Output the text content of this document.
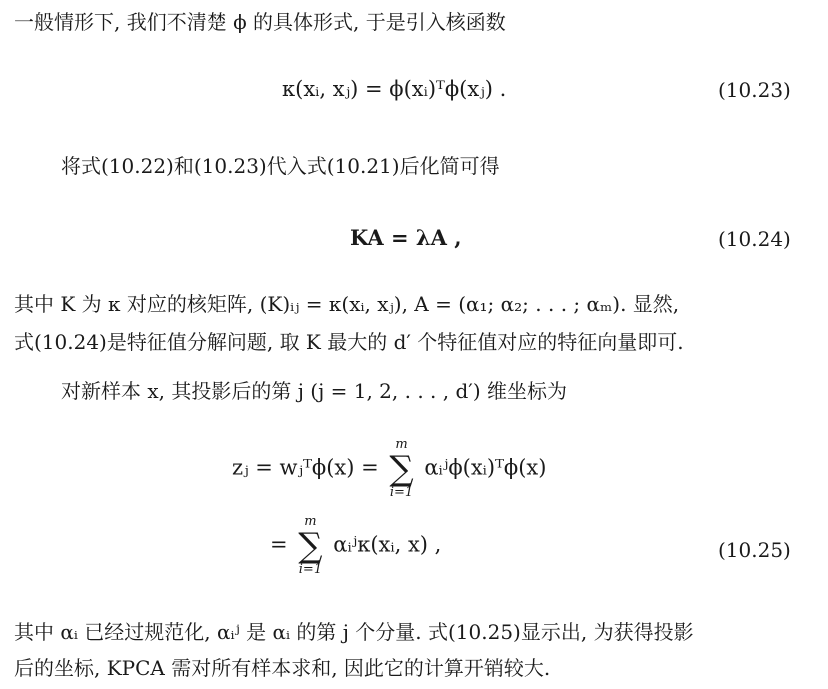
一般情形下, 我们不清楚 ϕ 的具体形式, 于是引入核函数
κ(xᵢ, xⱼ) = ϕ(xᵢ)ᵀϕ(xⱼ) .	(10.23)
将式(10.22)和(10.23)代入式(10.21)后化简可得
KA = λA ,	(10.24)
其中 K 为 κ 对应的核矩阵, (K)ᵢⱼ = κ(xᵢ, xⱼ), A = (α₁; α₂; . . . ; αₘ). 显然,
式(10.24)是特征值分解问题, 取 K 最大的 d′ 个特征值对应的特征向量即可.
对新样本 x, 其投影后的第 j (j = 1, 2, . . . , d′) 维坐标为
zⱼ = wⱼᵀϕ(x) =
m
∑
i=1
αᵢʲϕ(xᵢ)ᵀϕ(x)
=
m
∑
i=1
αᵢʲκ(xᵢ, x) ,	(10.25)
其中 αᵢ 已经过规范化, αᵢʲ 是 αᵢ 的第 j 个分量. 式(10.25)显示出, 为获得投影
后的坐标, KPCA 需对所有样本求和, 因此它的计算开销较大.
